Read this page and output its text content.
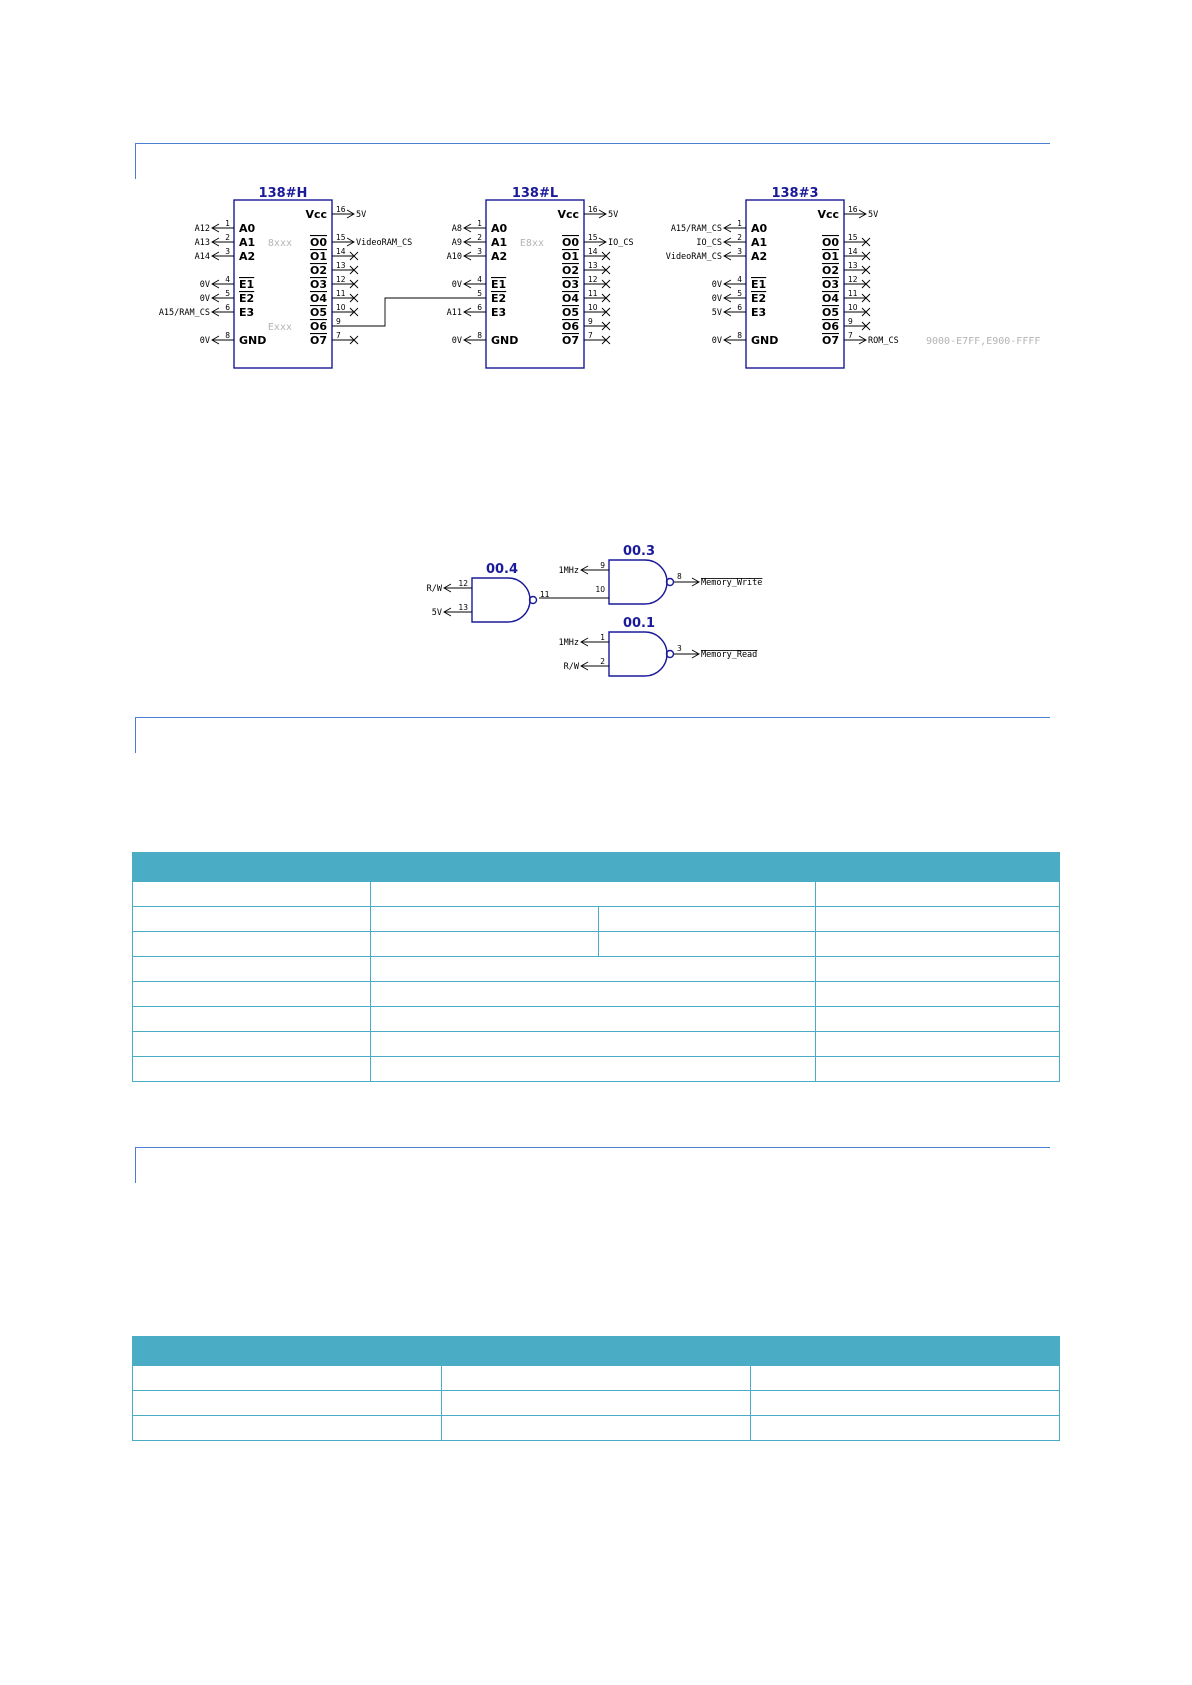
138#H
A0
1
A12
A1
2
A13
A2
3
A14
E1
4
0V
E2
5
0V
E3
6
A15/RAM_CS
GND
8
0V
Vcc 16
5V
O0 15
VideoRAM_CS
8xxx
O1 14
O2 13
O3 12
O4 11
O5 10
O6 9
Exxx
O7 7
138#L
A0
1
A8
A1
2
A9
A2
3
A10
E1
4
0V
E2
5
E3
6
A11
GND
8
0V
Vcc 16
5V
O0 15
IO_CS
E8xx
O1 14
O2 13
O3 12
O4 11
O5 10
O6 9
O7 7
138#3
A0
1
A15/RAM_CS
A1
2
IO_CS
A2
3
VideoRAM_CS
E1
4
0V
E2
5
0V
E3
6
5V
GND
8
0V
Vcc 16
5V
O0 15
O1 14
O2 13
O3 12
O4 11
O5 10
O6 9
O7 7
ROM_CS	9000-E7FF,E900-FFFF
00.4
R/W
12
5V
13
11
00.3
1MHz
9
10
8
Memory_Write
00.1
1MHz
1
R/W
2
3
Memory_Read
